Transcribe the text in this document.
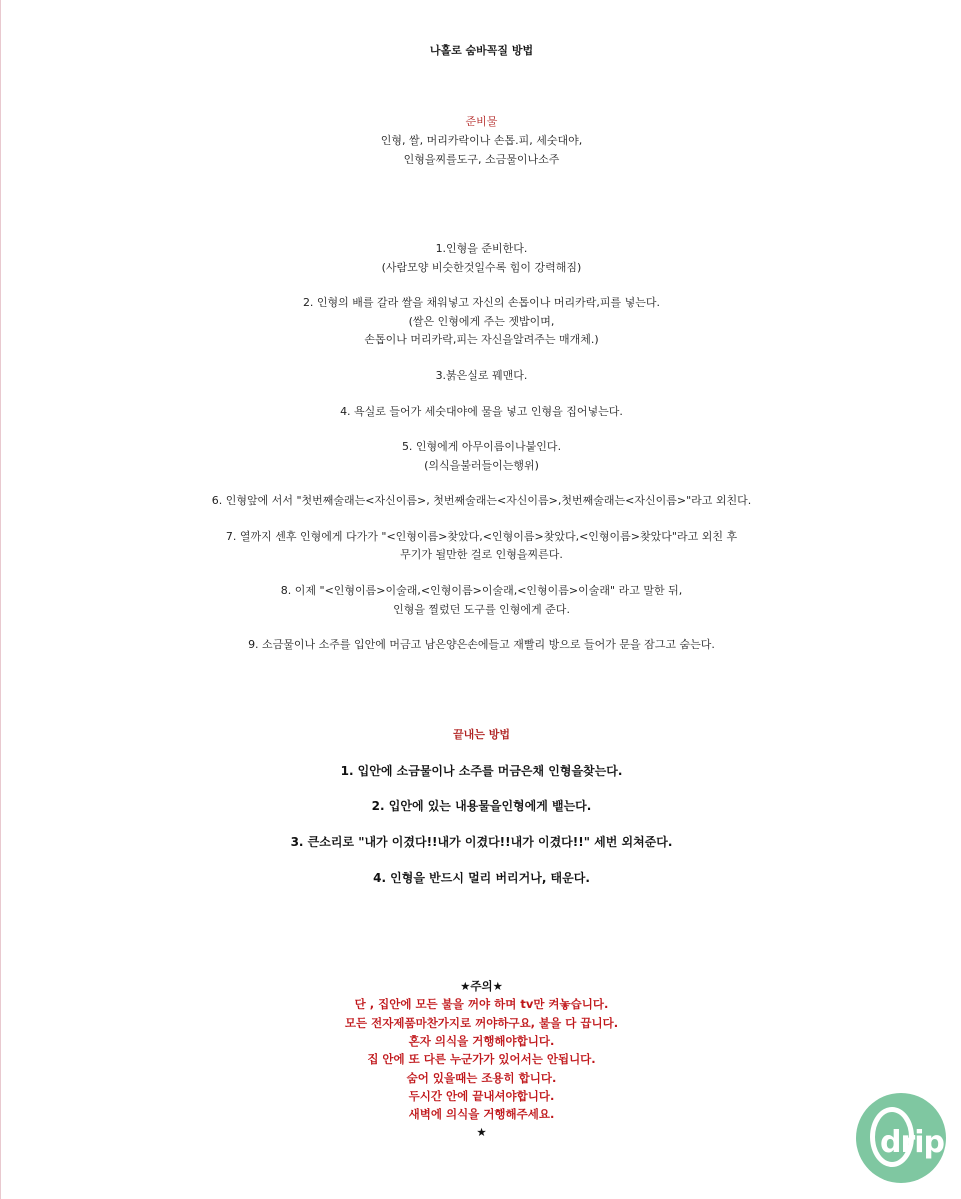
나홀로 숨바꼭질 방법
준비물
인형, 쌀, 머리카락이나 손톱.피, 세숫대야,
인형을찌를도구, 소금물이나소주
1.인형을 준비한다.
(사람모양 비슷한것일수록 힘이 강력해짐)
2. 인형의 배를 갈라 쌀을 채워넣고 자신의 손톱이나 머리카락,피를 넣는다.
(쌀은 인형에게 주는 젯밥이며,
손톱이나 머리카락,피는 자신을알려주는 매개체.)
3.붉은실로 꿰맨다.
4. 욕실로 들어가 세숫대야에 물을 넣고 인형을 집어넣는다.
5. 인형에게 아무이름이나붙인다.
(의식을불러들이는행위)
6. 인형앞에 서서 "첫번째술래는<자신이름>, 첫번째술래는<자신이름>,첫번째술래는<자신이름>"라고 외친다.
7. 열까지 센후 인형에게 다가가 "<인형이름>찾았다,<인형이름>찾았다,<인형이름>찾았다"라고 외친 후
무기가 될만한 걸로 인형을찌른다.
8. 이제 "<인형이름>이술래,<인형이름>이술래,<인형이름>이술래" 라고 말한 뒤,
인형을 찔렀던 도구를 인형에게 준다.
9. 소금물이나 소주를 입안에 머금고 남은양은손에들고 재빨리 방으로 들어가 문을 잠그고 숨는다.
끝내는 방법
1. 입안에 소금물이나 소주를 머금은채 인형을찾는다.
2. 입안에 있는 내용물을인형에게 뱉는다.
3. 큰소리로 "내가 이겼다!!내가 이겼다!!내가 이겼다!!" 세번 외쳐준다.
4. 인형을 반드시 멀리 버리거나, 태운다.
★주의★
단 , 집안에 모든 불을 꺼야 하며 tv만 켜놓습니다.
모든 전자제품마찬가지로 꺼야하구요, 불을 다 끕니다.
혼자 의식을 거행해야합니다.
집 안에 또 다른 누군가가 있어서는 안됩니다.
숨어 있을때는 조용히 합니다.
두시간 안에 끝내셔야합니다.
새벽에 의식을 거행해주세요.
★	drip
